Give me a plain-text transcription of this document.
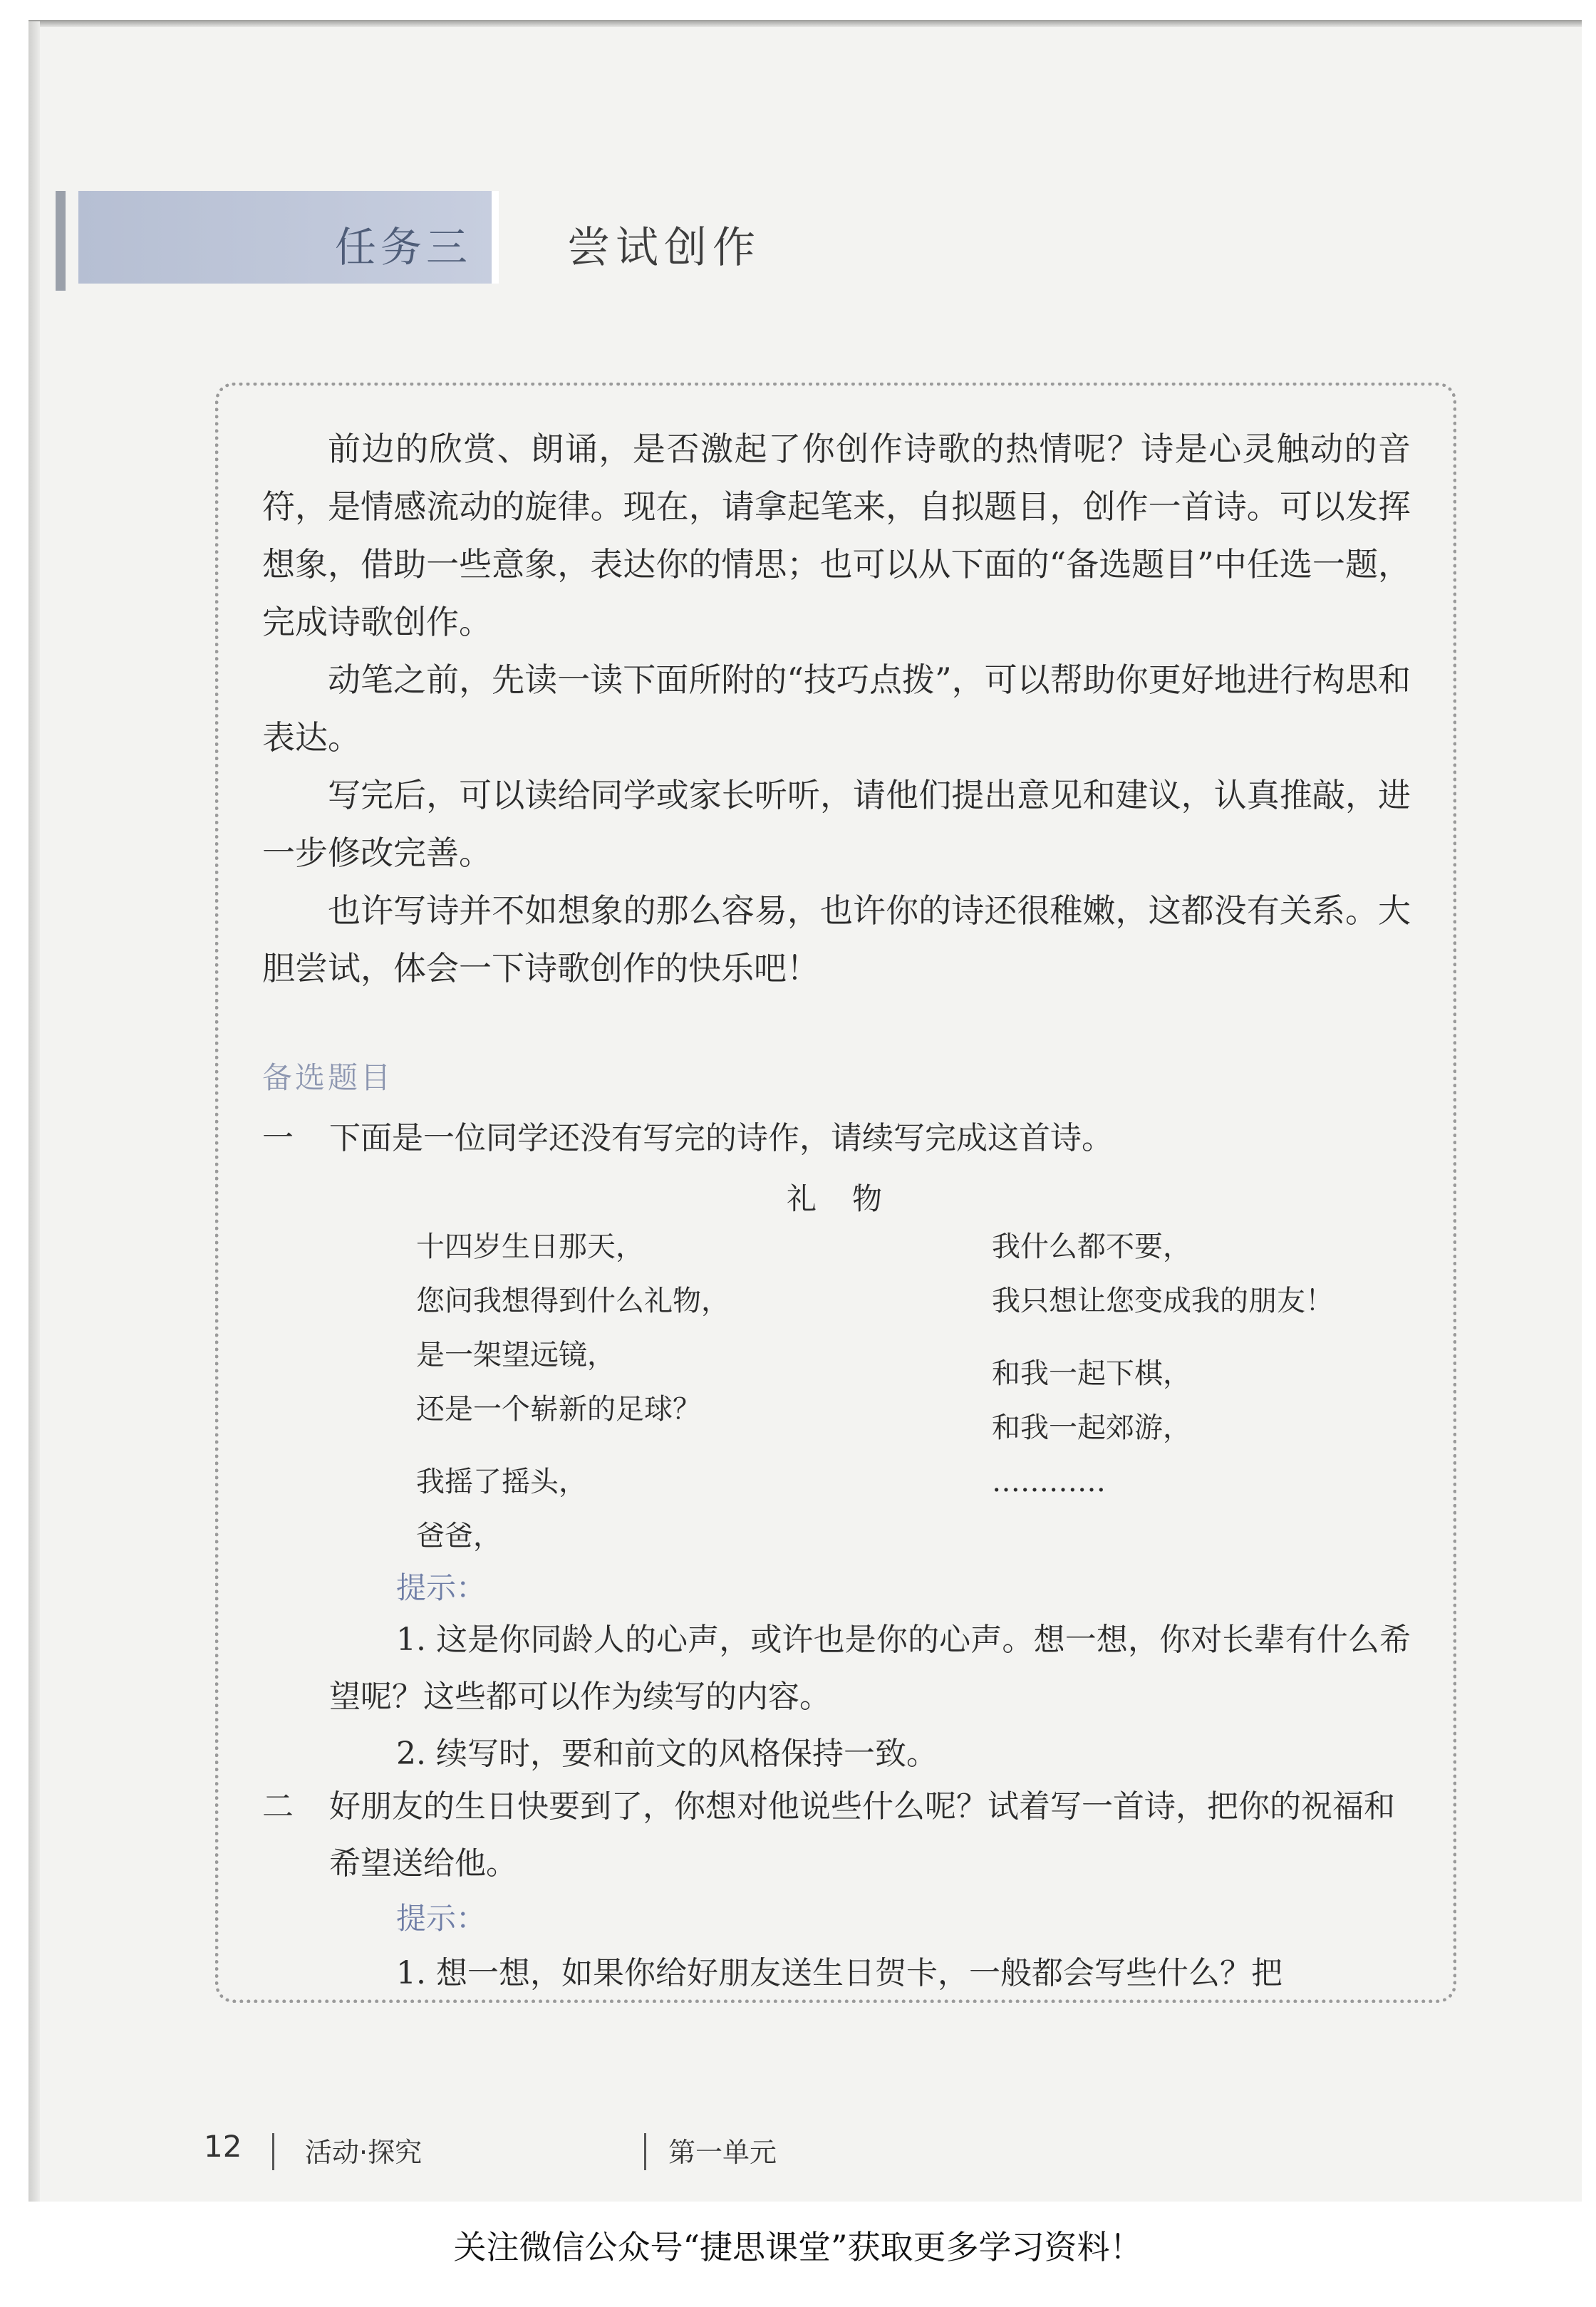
任务三 尝试创作

前边的欣赏、朗诵，是否激起了你创作诗歌的热情呢？诗是心灵触动的音符，是情感流动的旋律。现在，请拿起笔来，自拟题目，创作一首诗。可以发挥想象，借助一些意象，表达你的情思；也可以从下面的“备选题目”中任选一题，完成诗歌创作。

动笔之前，先读一读下面所附的“技巧点拨”，可以帮助你更好地进行构思和表达。

写完后，可以读给同学或家长听听，请他们提出意见和建议，认真推敲，进一步修改完善。

也许写诗并不如想象的那么容易，也许你的诗还很稚嫩，这都没有关系。大胆尝试，体会一下诗歌创作的快乐吧！

备选题目
一 下面是一位同学还没有写完的诗作，请续写完成这首诗。
礼物
十四岁生日那天，
您问我想得到什么礼物，
是一架望远镜，
还是一个崭新的足球？
我摇了摇头，
爸爸，
我什么都不要，
我只想让您变成我的朋友！
和我一起下棋，
和我一起郊游，
…………
提示：

1. 这是你同龄人的心声，或许也是你的心声。想一想，你对长辈有什么希望呢？这些都可以作为续写的内容。

2. 续写时，要和前文的风格保持一致。

二 好朋友的生日快要到了，你想对他说些什么呢？试着写一首诗，把你的祝福和希望送给他。
提示：

1. 想一想，如果你给好朋友送生日贺卡，一般都会写些什么？把

12 活动·探究	第一单元
关注微信公众号“捷思课堂”获取更多学习资料！
